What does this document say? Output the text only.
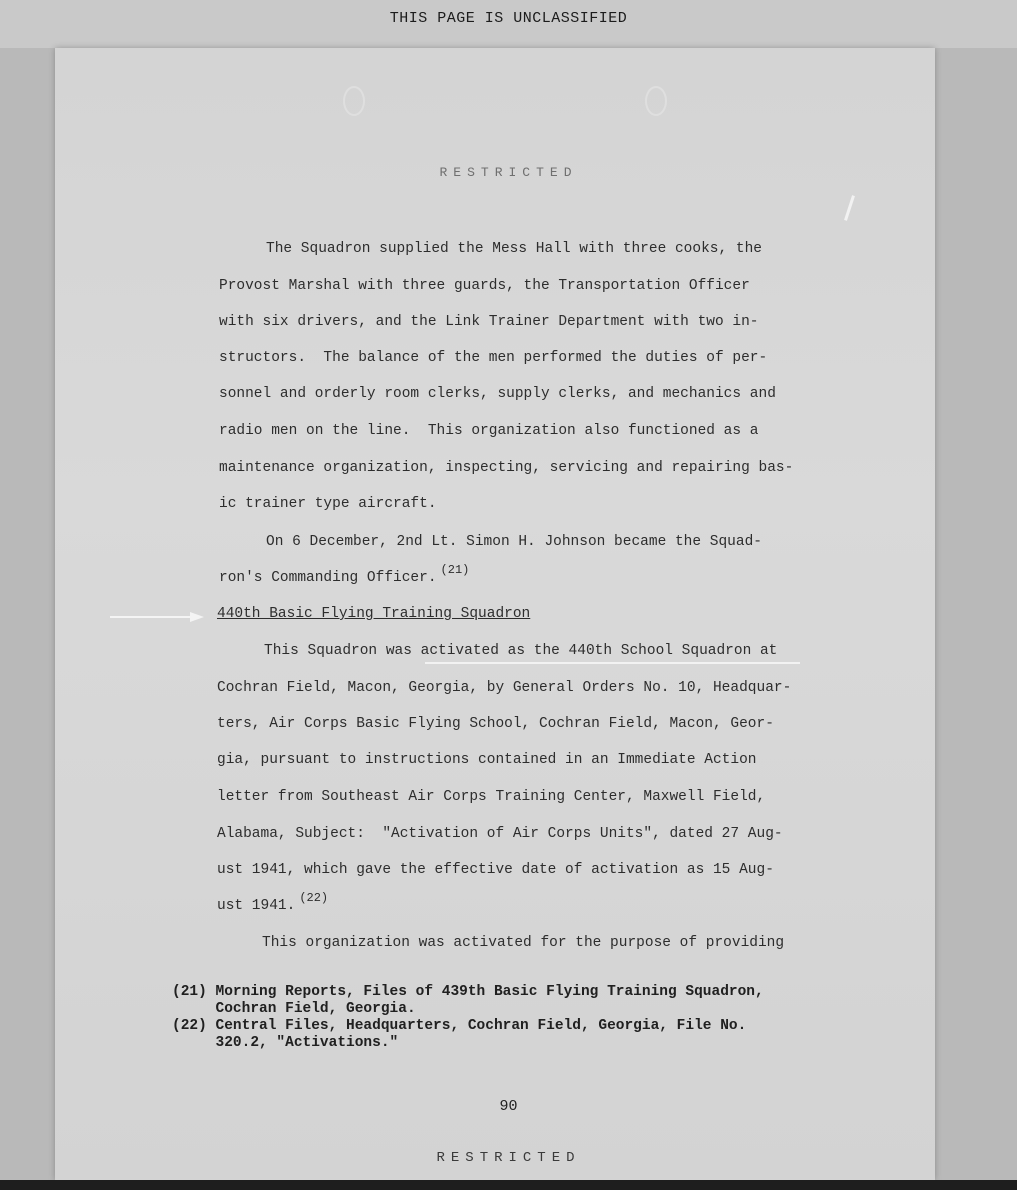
THIS PAGE IS UNCLASSIFIED
RESTRICTED
The Squadron supplied the Mess Hall with three cooks, the
Provost Marshal with three guards, the Transportation Officer
with six drivers, and the Link Trainer Department with two in-
structors.  The balance of the men performed the duties of per-
sonnel and orderly room clerks, supply clerks, and mechanics and
radio men on the line.  This organization also functioned as a
maintenance organization, inspecting, servicing and repairing bas-
ic trainer type aircraft.
On 6 December, 2nd Lt. Simon H. Johnson became the Squad-
ron's Commanding Officer. $^{(21)}$
440th Basic Flying Training Squadron
This Squadron was activated as the 440th School Squadron at
Cochran Field, Macon, Georgia, by General Orders No. 10, Headquar-
ters, Air Corps Basic Flying School, Cochran Field, Macon, Geor-
gia, pursuant to instructions contained in an Immediate Action
letter from Southeast Air Corps Training Center, Maxwell Field,
Alabama, Subject:  "Activation of Air Corps Units", dated 27 Aug-
ust 1941, which gave the effective date of activation as 15 Aug-
ust 1941. $^{(22)}$
This organization was activated for the purpose of providing
(21) Morning Reports, Files of 439th Basic Flying Training Squadron,
Cochran Field, Georgia.
(22) Central Files, Headquarters, Cochran Field, Georgia, File No.
320.2, "Activations."
90
RESTRICTED
